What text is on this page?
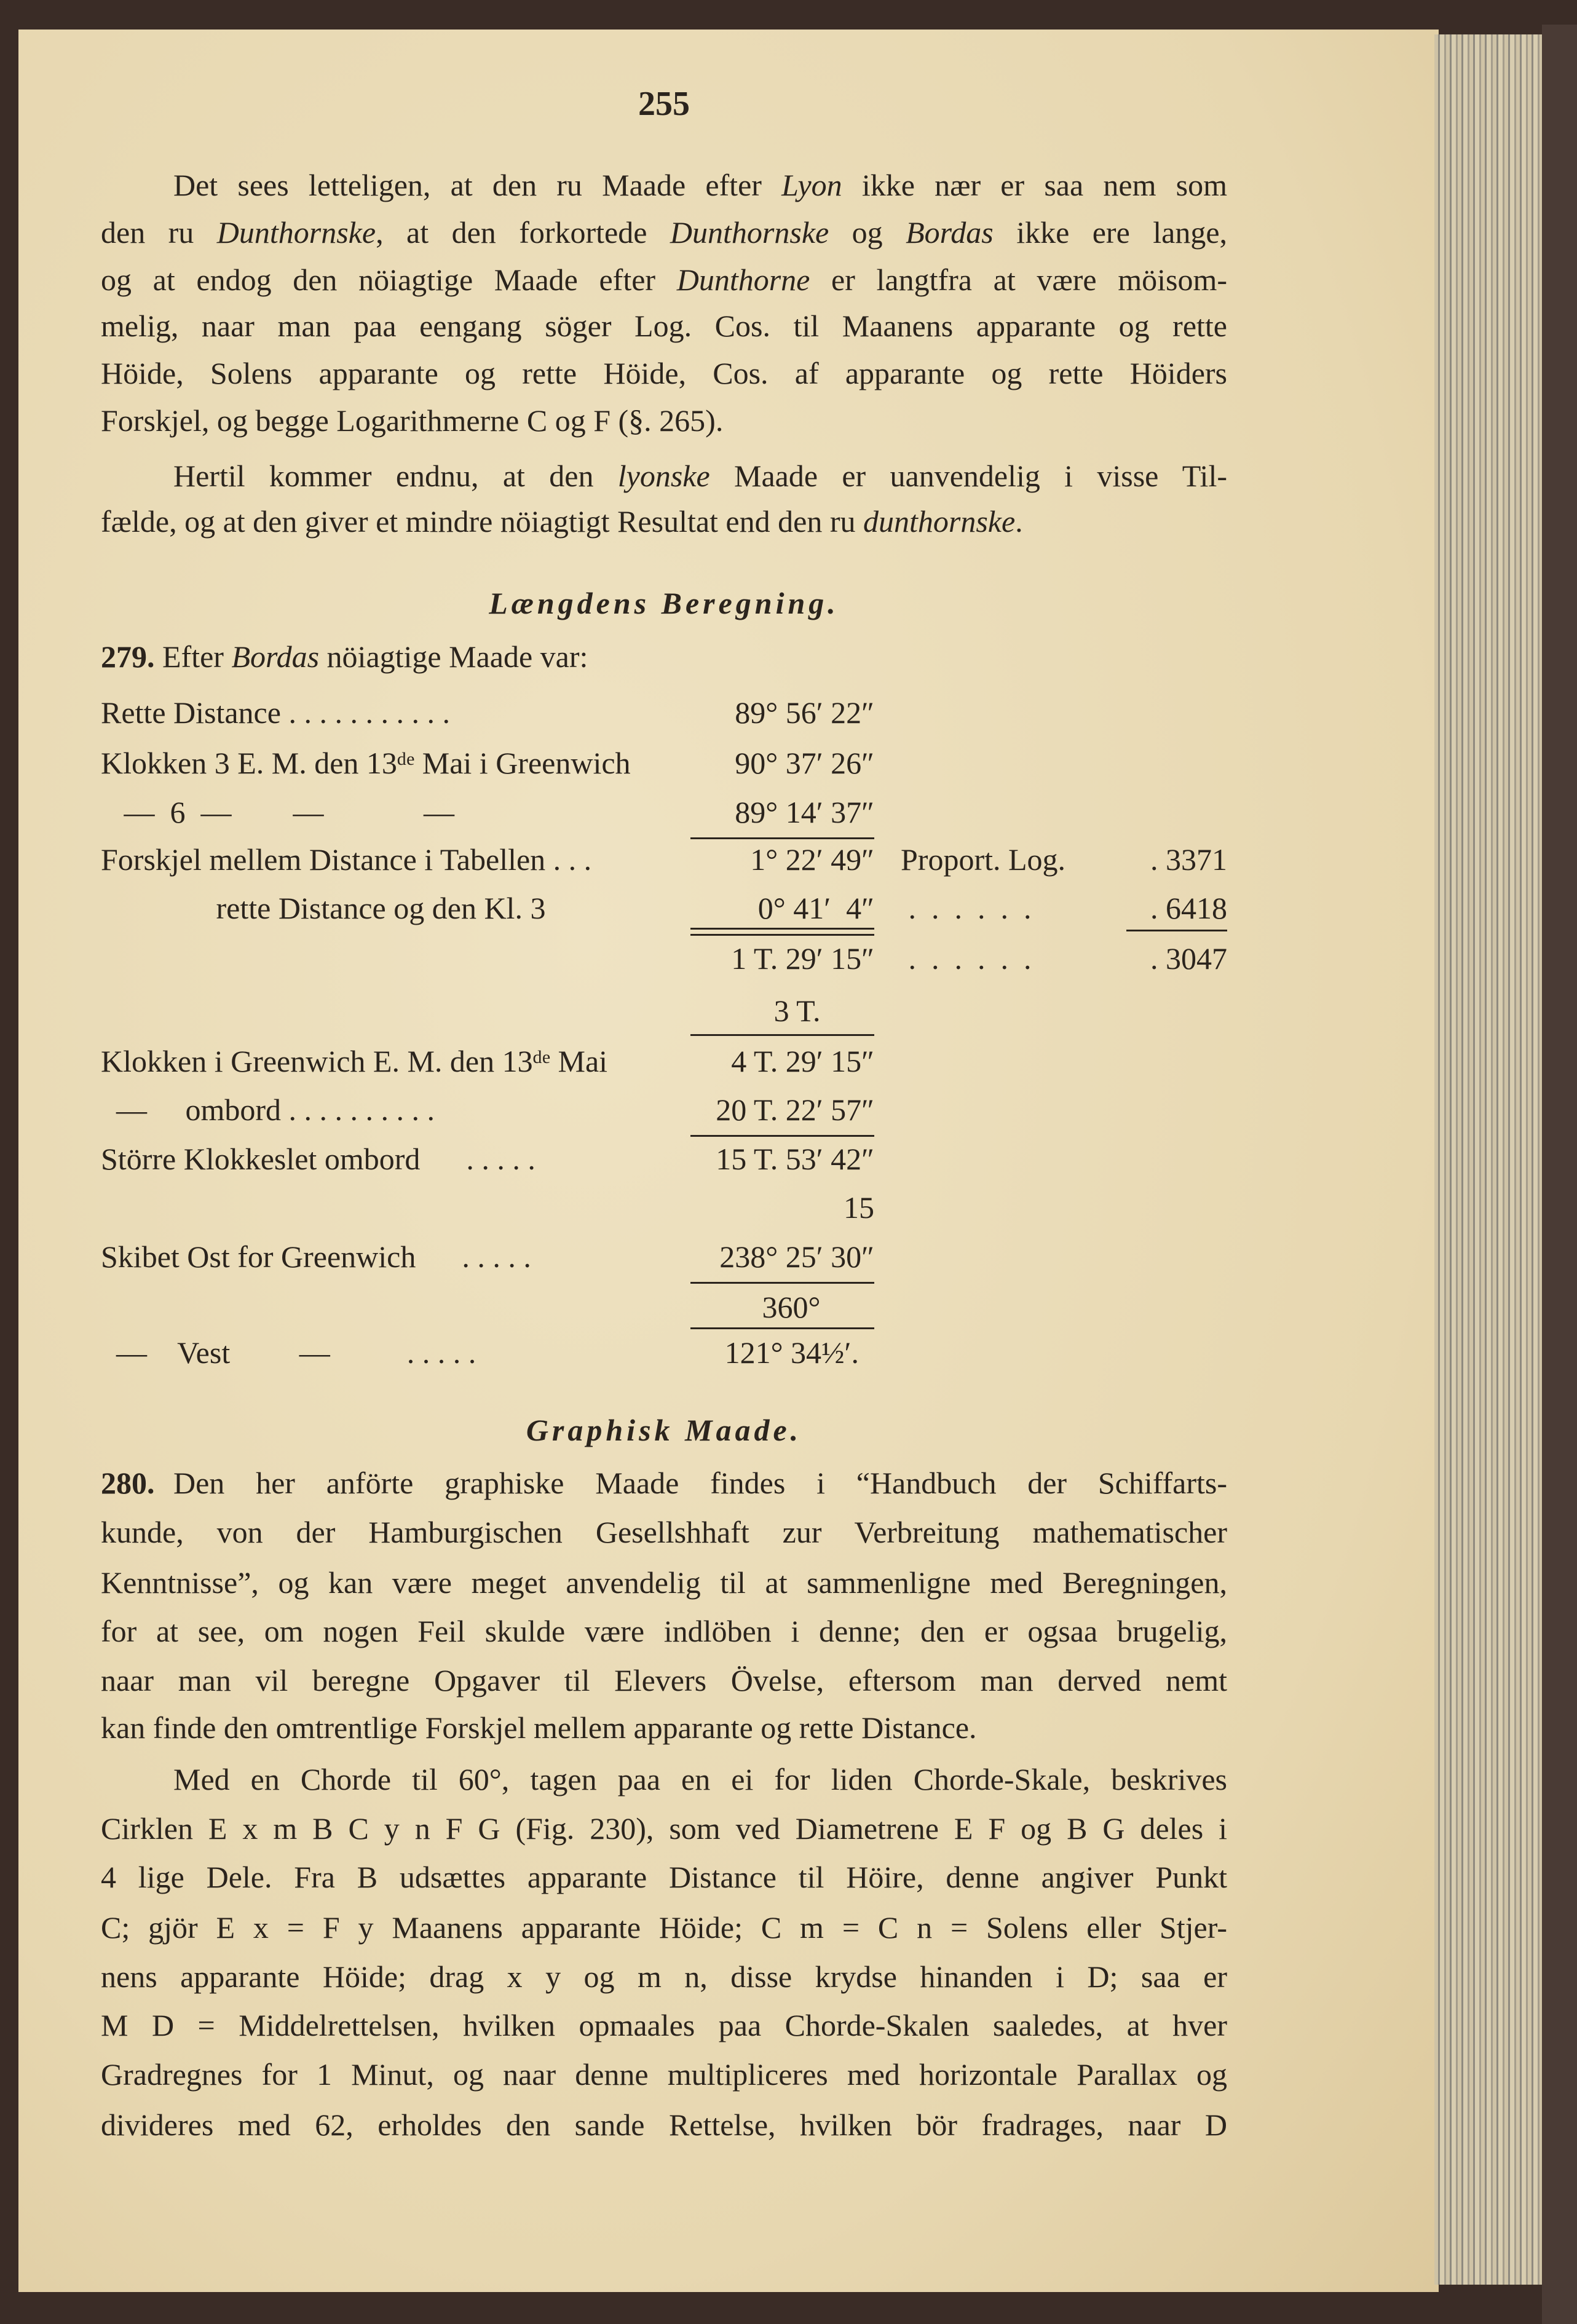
255
Det sees letteligen, at den ru Maade efter Lyon ikke nær er saa nem som
den ru Dunthornske, at den forkortede Dunthornske og Bordas ikke ere lange,
og at endog den nöiagtige Maade efter Dunthorne er langtfra at være möisom-
melig, naar man paa eengang söger Log. Cos. til Maanens apparante og rette
Höide, Solens apparante og rette Höide, Cos. af apparante og rette Höiders
Forskjel, og begge Logarithmerne C og F (§. 265).
Hertil kommer endnu, at den lyonske Maade er uanvendelig i visse Til-
fælde, og at den giver et mindre nöiagtigt Resultat end den ru dunthornske.
kunde, von der Hamburgischen Gesellshhaft zur Verbreitung mathematischer
Kenntnisse”, og kan være meget anvendelig til at sammenligne med Beregningen,
for at see, om nogen Feil skulde være indlöben i denne; den er ogsaa brugelig,
naar man vil beregne Opgaver til Elevers Övelse, eftersom man derved nemt
kan finde den omtrentlige Forskjel mellem apparante og rette Distance.
Med en Chorde til 60°, tagen paa en ei for liden Chorde-Skale, beskrives
Cirklen E x m B C y n F G (Fig. 230), som ved Diametrene E F og B G deles i
4 lige Dele. Fra B udsættes apparante Distance til Höire, denne angiver Punkt
C; gjör E x = F y Maanens apparante Höide; C m = C n = Solens eller Stjer-
nens apparante Höide; drag x y og m n, disse krydse hinanden i D; saa er
M D = Middelrettelsen, hvilken opmaales paa Chorde-Skalen saaledes, at hver
Gradregnes for 1 Minut, og naar denne multipliceres med horizontale Parallax og
divideres med 62, erholdes den sande Rettelse, hvilken bör fradrages, naar D
Længdens Beregning.
Graphisk Maade.
279. Efter Bordas nöiagtige Maade var:
Rette Distance . . . . . . . . . . .	89° 56′ 22″
Klokken 3 E. M. den 13ᵈᵉ Mai i Greenwich	90° 37′ 26″
—  6  —        —             —	89° 14′ 37″
Forskjel mellem Distance i Tabellen . . .	1° 22′ 49″ Proport. Log.	. 3371
rette Distance og den Kl. 3	0° 41′  4″ .  .  .  .  .  .	. 6418
1 T. 29′ 15″ .  .  .  .  .  .	. 3047
3 T.
Klokken i Greenwich E. M. den 13ᵈᵉ Mai	4 T. 29′ 15″
—     ombord . . . . . . . . . .	20 T. 22′ 57″
Större Klokkeslet ombord      . . . . .	15 T. 53′ 42″
15
Skibet Ost for Greenwich      . . . . .	238° 25′ 30″
360°
—    Vest         —          . . . . .	121° 34½′.
280. Den her anförte graphiske Maade findes i “Handbuch der Schiffarts-
